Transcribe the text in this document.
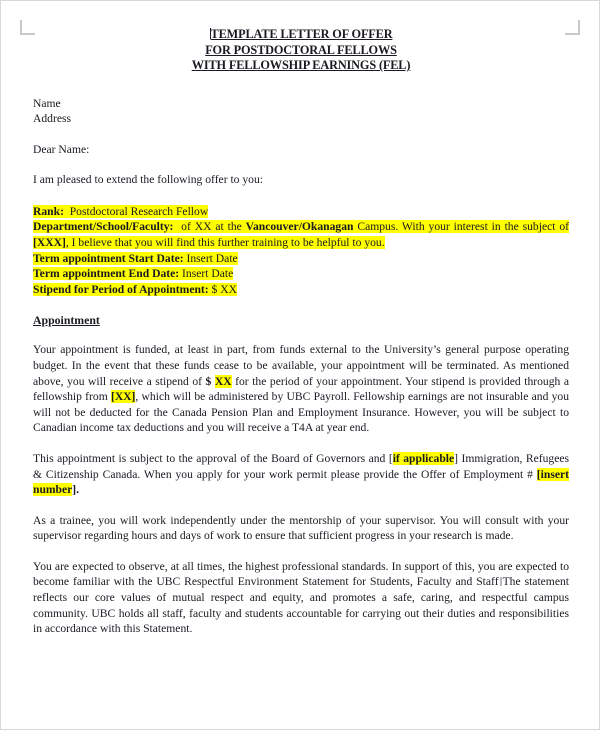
TEMPLATE LETTER OF OFFER
FOR POSTDOCTORAL FELLOWS
WITH FELLOWSHIP EARNINGS (FEL)
Name
Address
Dear Name:
I am pleased to extend the following offer to you:
Rank: Postdoctoral Research Fellow
Department/School/Faculty:  of XX at the Vancouver/Okanagan Campus. With your interest in the subject of [XXX], I believe that you will find this further training to be helpful to you.
Term appointment Start Date: Insert Date
Term appointment End Date: Insert Date
Stipend for Period of Appointment: $ XX
Appointment

Your appointment is funded, at least in part, from funds external to the University’s general purpose operating budget. In the event that these funds cease to be available, your appointment will be terminated. As mentioned above, you will receive a stipend of $ XX for the period of your appointment. Your stipend is provided through a fellowship from [XX], which will be administered by UBC Payroll. Fellowship earnings are not insurable and you will not be deducted for the Canada Pension Plan and Employment Insurance. However, you will be subject to Canadian income tax deductions and you will receive a T4A at year end.

This appointment is subject to the approval of the Board of Governors and [if applicable] Immigration, Refugees & Citizenship Canada. When you apply for your work permit please provide the Offer of Employment # [insert number].

As a trainee, you will work independently under the mentorship of your supervisor. You will consult with your supervisor regarding hours and days of work to ensure that sufficient progress in your research is made.

You are expected to observe, at all times, the highest professional standards. In support of this, you are expected to become familiar with the UBC Respectful Environment Statement for Students, Faculty and Staff The statement reflects our core values of mutual respect and equity, and promotes a safe, caring, and respectful campus community. UBC holds all staff, faculty and students accountable for carrying out their duties and responsibilities in accordance with this Statement.
